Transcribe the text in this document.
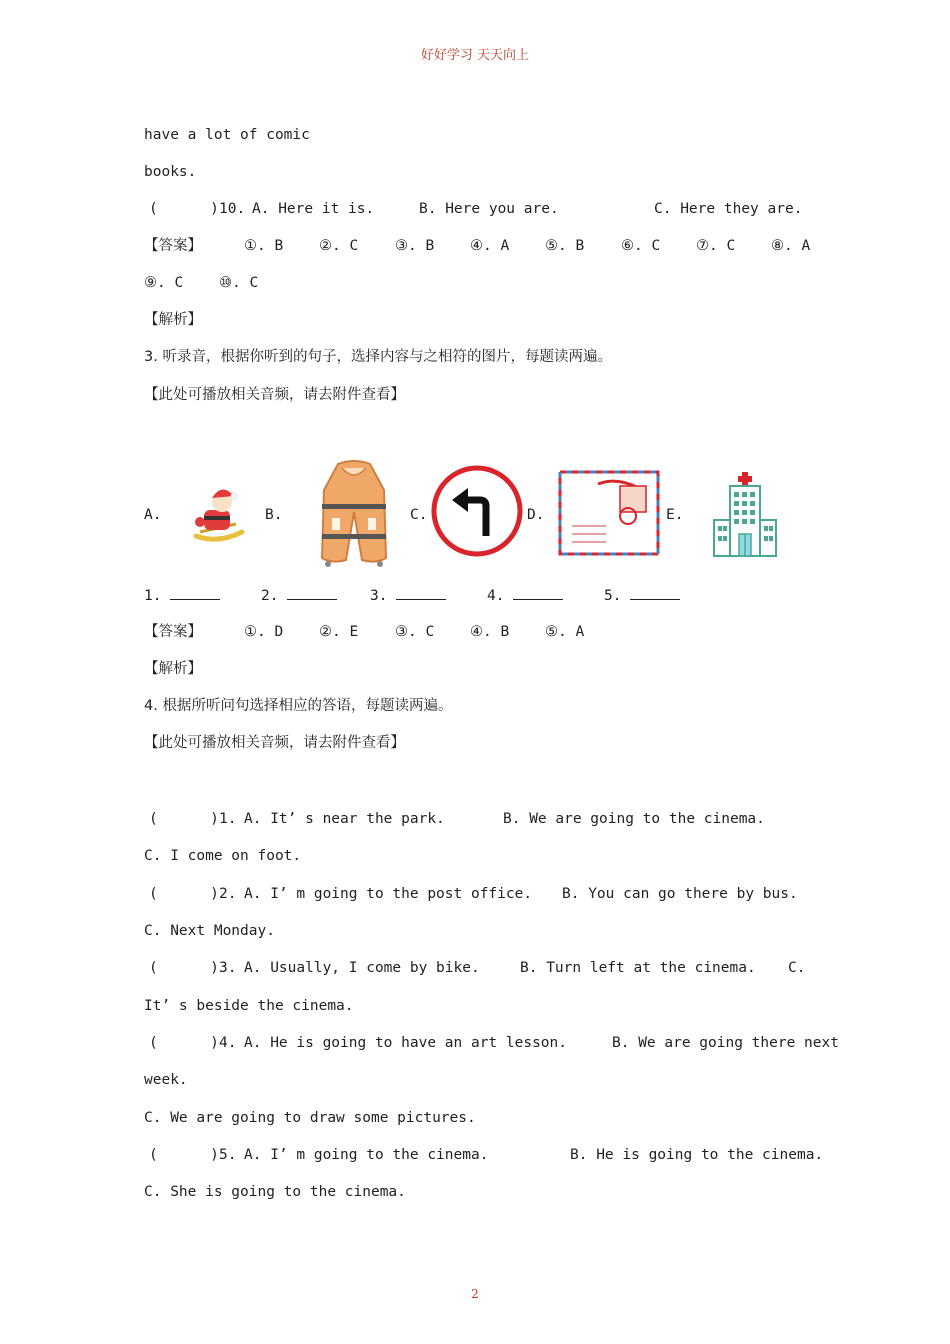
好好学习 天天向上
have a lot of comic
books.
(      ) 10. A. Here it is.	B. Here you are.	C. Here they are.
【答案】	①. B ②. C	③. B ④. A ⑤. B	⑥. C ⑦. C ⑧. A
⑨. C ⑩. C
【解析】
3. 听录音，根据你听到的句子，选择内容与之相符的图片，每题读两遍。
【此处可播放相关音频，请去附件查看】
A.	B.	C.	D.	E.
1.	2.	3.	4.	5.
【答案】	①. D ②. E	③. C ④. B ⑤. A
【解析】
4. 根据所听问句选择相应的答语，每题读两遍。
【此处可播放相关音频，请去附件查看】
(      ) 1. A. It’ s near the park.	B. We are going to the cinema.
C. I come on foot.
(      ) 2. A. I’ m going to the post office. B. You can go there by bus.
C. Next Monday.
(      ) 3. A. Usually, I come by bike.	B. Turn left at the cinema. C.
It’ s beside the cinema.
(      ) 4. A. He is going to have an art lesson.	B. We are going there next
week.
C. We are going to draw some pictures.
(      ) 5. A. I’ m going to the cinema.	B. He is going to the cinema.
C. She is going to the cinema.
2
